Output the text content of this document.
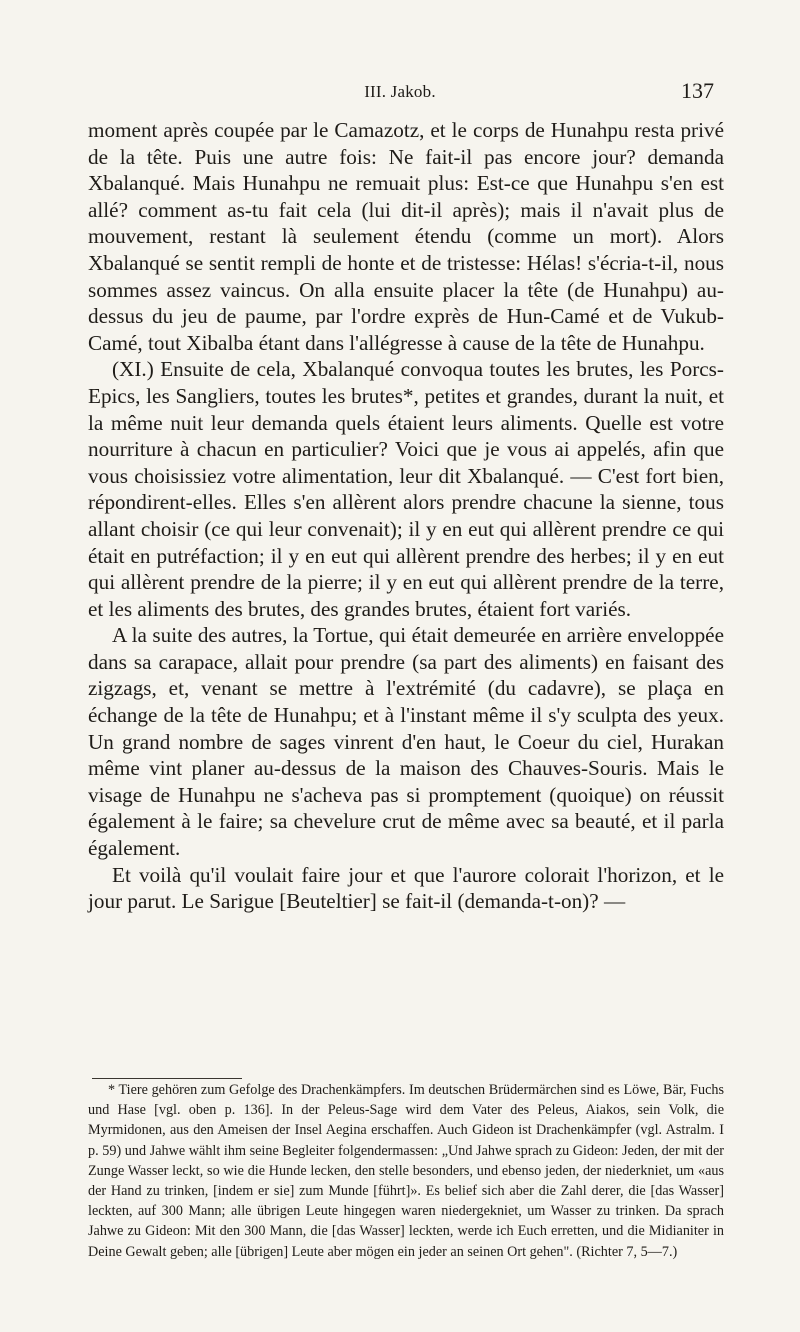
III. Jakob.	137

moment après coupée par le Camazotz, et le corps de Hunahpu resta privé de la tête. Puis une autre fois: Ne fait-il pas encore jour? demanda Xbalanqué. Mais Hunahpu ne remuait plus: Est-ce que Hunahpu s'en est allé? comment as-tu fait cela (lui dit-il après); mais il n'avait plus de mouvement, restant là seulement étendu (comme un mort). Alors Xbalanqué se sentit rempli de honte et de tristesse: Hélas! s'écria-t-il, nous sommes assez vaincus. On alla ensuite placer la tête (de Hunahpu) au-dessus du jeu de paume, par l'ordre exprès de Hun-Camé et de Vukub-Camé, tout Xibalba étant dans l'allégresse à cause de la tête de Hunahpu.

(XI.) Ensuite de cela, Xbalanqué convoqua toutes les brutes, les Porcs-Epics, les Sangliers, toutes les brutes*, petites et grandes, durant la nuit, et la même nuit leur demanda quels étaient leurs aliments. Quelle est votre nourriture à chacun en particulier? Voici que je vous ai appelés, afin que vous choisissiez votre alimentation, leur dit Xbalanqué. — C'est fort bien, répondirent-elles. Elles s'en allèrent alors prendre chacune la sienne, tous allant choisir (ce qui leur convenait); il y en eut qui allèrent prendre ce qui était en putréfaction; il y en eut qui allèrent prendre des herbes; il y en eut qui allèrent prendre de la pierre; il y en eut qui allèrent prendre de la terre, et les aliments des brutes, des grandes brutes, étaient fort variés.

A la suite des autres, la Tortue, qui était demeurée en arrière enveloppée dans sa carapace, allait pour prendre (sa part des aliments) en faisant des zigzags, et, venant se mettre à l'extrémité (du cadavre), se plaça en échange de la tête de Hunahpu; et à l'instant même il s'y sculpta des yeux. Un grand nombre de sages vinrent d'en haut, le Coeur du ciel, Hurakan même vint planer au-dessus de la maison des Chauves-Souris. Mais le visage de Hunahpu ne s'acheva pas si promptement (quoique) on réussit également à le faire; sa chevelure crut de même avec sa beauté, et il parla également.

Et voilà qu'il voulait faire jour et que l'aurore colorait l'horizon, et le jour parut. Le Sarigue [Beuteltier] se fait-il (demanda-t-on)? —

* Tiere gehören zum Gefolge des Drachenkämpfers. Im deutschen Brüdermärchen sind es Löwe, Bär, Fuchs und Hase [vgl. oben p. 136]. In der Peleus-Sage wird dem Vater des Peleus, Aiakos, sein Volk, die Myrmidonen, aus den Ameisen der Insel Aegina erschaffen. Auch Gideon ist Drachenkämpfer (vgl. Astralm. I p. 59) und Jahwe wählt ihm seine Begleiter folgendermassen: „Und Jahwe sprach zu Gideon: Jeden, der mit der Zunge Wasser leckt, so wie die Hunde lecken, den stelle besonders, und ebenso jeden, der niederkniet, um «aus der Hand zu trinken, [indem er sie] zum Munde [führt]». Es belief sich aber die Zahl derer, die [das Wasser] leckten, auf 300 Mann; alle übrigen Leute hingegen waren niedergekniet, um Wasser zu trinken. Da sprach Jahwe zu Gideon: Mit den 300 Mann, die [das Wasser] leckten, werde ich Euch erretten, und die Midianiter in Deine Gewalt geben; alle [übrigen] Leute aber mögen ein jeder an seinen Ort gehen". (Richter 7, 5—7.)
